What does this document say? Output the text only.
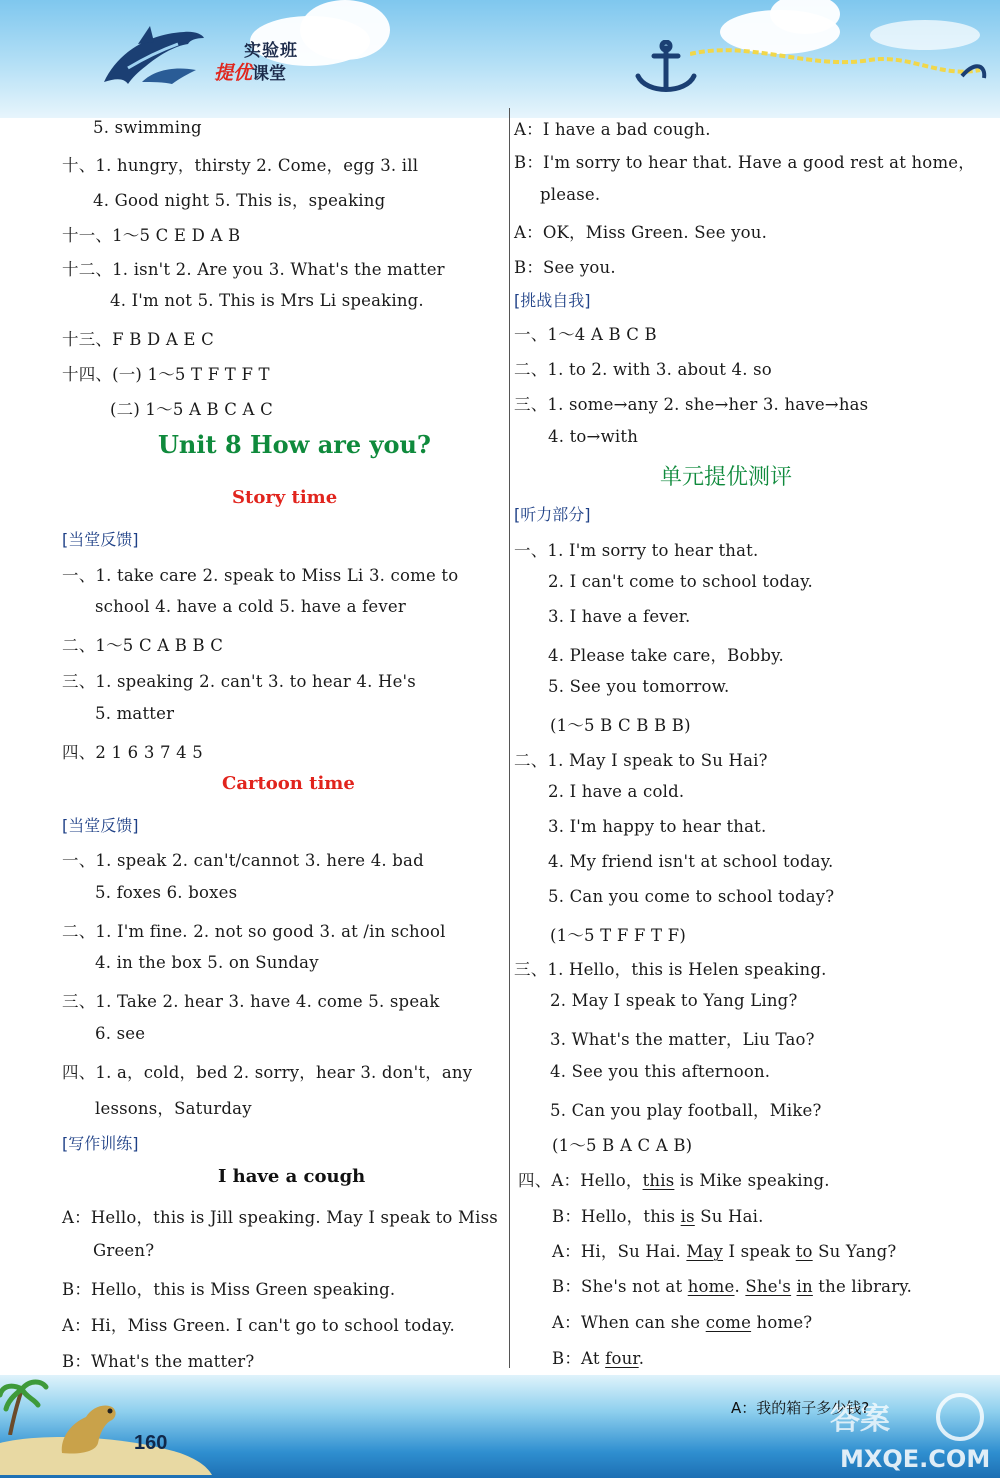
实验班
提优课堂
5. swimming
十、1. hungry，thirsty 2. Come，egg 3. ill
4. Good night 5. This is，speaking
十一、1～5 C E D A B
十二、1. isn't 2. Are you 3. What's the matter
4. I'm not 5. This is Mrs Li speaking.
十三、F B D A E C
十四、(一) 1～5 T F T F T
(二) 1～5 A B C A C
Unit 8 How are you?
Story time
[当堂反馈]
一、1. take care 2. speak to Miss Li 3. come to
school 4. have a cold 5. have a fever
二、1～5 C A B B C
三、1. speaking 2. can't 3. to hear 4. He's
5. matter
四、2 1 6 3 7 4 5
Cartoon time
[当堂反馈]
一、1. speak 2. can't/cannot 3. here 4. bad
5. foxes 6. boxes
二、1. I'm fine. 2. not so good 3. at /in school
4. in the box 5. on Sunday
三、1. Take 2. hear 3. have 4. come 5. speak
6. see
四、1. a，cold，bed 2. sorry，hear 3. don't，any
lessons，Saturday
[写作训练]
I have a cough
A：Hello，this is Jill speaking. May I speak to Miss
Green?
B：Hello，this is Miss Green speaking.
A：Hi，Miss Green. I can't go to school today.
B：What's the matter?
A：I have a bad cough.
B：I'm sorry to hear that. Have a good rest at home，
please.
A：OK，Miss Green. See you.
B：See you.
[挑战自我]
一、1～4 A B C B
二、1. to 2. with 3. about 4. so
三、1. some→any 2. she→her 3. have→has
4. to→with
单元提优测评
[听力部分]
一、1. I'm sorry to hear that.
2. I can't come to school today.
3. I have a fever.
4. Please take care，Bobby.
5. See you tomorrow.
(1～5 B C B B B)
二、1. May I speak to Su Hai?
2. I have a cold.
3. I'm happy to hear that.
4. My friend isn't at school today.
5. Can you come to school today?
(1～5 T F F T F)
三、1. Hello，this is Helen speaking.
2. May I speak to Yang Ling?
3. What's the matter，Liu Tao?
4. See you this afternoon.
5. Can you play football，Mike?
(1～5 B A C A B)
四、A：Hello，this is Mike speaking.
B：Hello，this is Su Hai.
A：Hi，Su Hai. May I speak to Su Yang?
B：She's not at home. She's in the library.
A：When can she come home?
B：At four.
答案
MXQE.COM
160
A：我的箱子多少钱?
